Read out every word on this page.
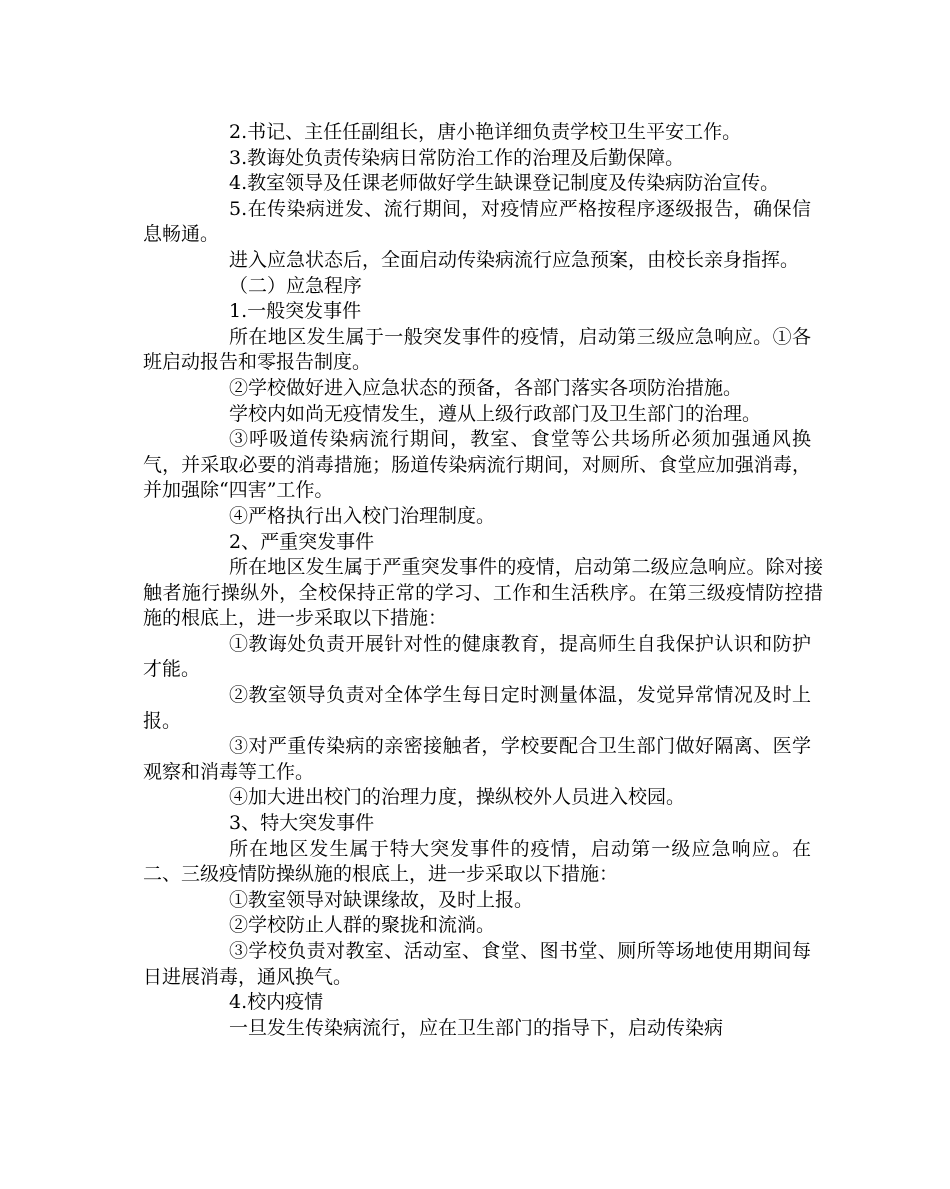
2.书记、主任任副组长，唐小艳详细负责学校卫生平安工作。

3.教诲处负责传染病日常防治工作的治理及后勤保障。

4.教室领导及任课老师做好学生缺课登记制度及传染病防治宣传。

5.在传染病迸发、流行期间，对疫情应严格按程序逐级报告，确保信息畅通。

进入应急状态后，全面启动传染病流行应急预案，由校长亲身指挥。

（二）应急程序

1.一般突发事件

所在地区发生属于一般突发事件的疫情，启动第三级应急响应。①各班启动报告和零报告制度。

②学校做好进入应急状态的预备，各部门落实各项防治措施。

学校内如尚无疫情发生，遵从上级行政部门及卫生部门的治理。

③呼吸道传染病流行期间，教室、食堂等公共场所必须加强通风换气，并采取必要的消毒措施；肠道传染病流行期间，对厕所、食堂应加强消毒，并加强除“四害”工作。

④严格执行出入校门治理制度。

2、严重突发事件

所在地区发生属于严重突发事件的疫情，启动第二级应急响应。除对接触者施行操纵外，全校保持正常的学习、工作和生活秩序。在第三级疫情防控措施的根底上，进一步采取以下措施：

①教诲处负责开展针对性的健康教育，提高师生自我保护认识和防护才能。

②教室领导负责对全体学生每日定时测量体温，发觉异常情况及时上报。

③对严重传染病的亲密接触者，学校要配合卫生部门做好隔离、医学观察和消毒等工作。

④加大进出校门的治理力度，操纵校外人员进入校园。

3、特大突发事件

所在地区发生属于特大突发事件的疫情，启动第一级应急响应。在二、三级疫情防操纵施的根底上，进一步采取以下措施：

①教室领导对缺课缘故，及时上报。

②学校防止人群的聚拢和流淌。

③学校负责对教室、活动室、食堂、图书堂、厕所等场地使用期间每日进展消毒，通风换气。

4.校内疫情

一旦发生传染病流行，应在卫生部门的指导下，启动传染病
